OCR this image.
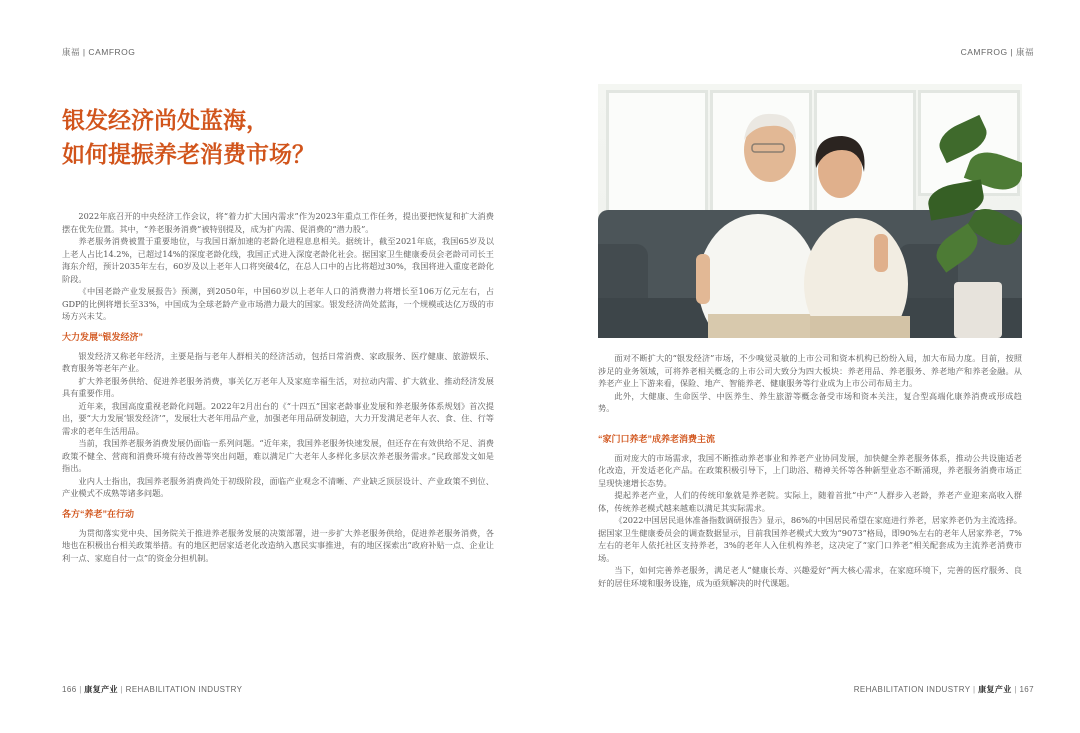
康福 | CAMFROG	CAMFROG | 康福
银发经济尚处蓝海，
如何提振养老消费市场？

2022年底召开的中央经济工作会议，将“着力扩大国内需求”作为2023年重点工作任务，提出要把恢复和扩大消费摆在优先位置。其中，“养老服务消费”被特别提及，成为扩内需、促消费的“潜力股”。

养老服务消费被置于重要地位，与我国日渐加速的老龄化进程息息相关。据统计，截至2021年底，我国65岁及以上老人占比14.2%，已超过14%的深度老龄化线，我国正式进入深度老龄化社会。据国家卫生健康委员会老龄司司长王海东介绍，预计2035年左右，60岁及以上老年人口将突破4亿，在总人口中的占比将超过30%，我国将进入重度老龄化阶段。

《中国老龄产业发展报告》预测，到2050年，中国60岁以上老年人口的消费潜力将增长至106万亿元左右，占GDP的比例将增长至33%，中国成为全球老龄产业市场潜力最大的国家。银发经济尚处蓝海，一个规模或达亿万级的市场方兴未艾。

大力发展“银发经济”

银发经济又称老年经济，主要是指与老年人群相关的经济活动，包括日常消费、家政服务、医疗健康、旅游娱乐、教育服务等老年产业。

扩大养老服务供给、促进养老服务消费，事关亿万老年人及家庭幸福生活，对拉动内需、扩大就业、推动经济发展具有重要作用。

近年来，我国高度重视老龄化问题。2022年2月出台的《“十四五”国家老龄事业发展和养老服务体系规划》首次提出，要“大力发展‘银发经济’”，发展壮大老年用品产业，加强老年用品研发制造，大力开发满足老年人衣、食、住、行等需求的老年生活用品。

当前，我国养老服务消费发展仍面临一系列问题。“近年来，我国养老服务快速发展，但还存在有效供给不足、消费政策不健全、营商和消费环境有待改善等突出问题，难以满足广大老年人多样化多层次养老服务需求。”民政部发文如是指出。

业内人士指出，我国养老服务消费尚处于初级阶段，面临产业观念不清晰、产业缺乏顶层设计、产业政策不到位、产业模式不成熟等诸多问题。

各方“养老”在行动

为贯彻落实党中央、国务院关于推进养老服务发展的决策部署，进一步扩大养老服务供给，促进养老服务消费，各地也在积极出台相关政策举措。有的地区把居家适老化改造纳入惠民实事推进，有的地区探索出“政府补贴一点、企业让利一点、家庭自付一点”的资金分担机制。

面对不断扩大的“银发经济”市场，不少嗅觉灵敏的上市公司和资本机构已纷纷入局，加大布局力度。目前，按照涉足的业务领域，可将养老相关概念的上市公司大致分为四大板块：养老用品、养老服务、养老地产和养老金融。从养老产业上下游来看，保险、地产、智能养老、健康服务等行业成为上市公司布局主力。

此外，大健康、生命医学、中医养生、养生旅游等概念备受市场和资本关注，复合型高端化康养消费或形成趋势。

“家门口养老”成养老消费主流

面对庞大的市场需求，我国不断推动养老事业和养老产业协同发展，加快健全养老服务体系，推动公共设施适老化改造，开发适老化产品。在政策积极引导下，上门助浴、精神关怀等各种新型业态不断涌现，养老服务消费市场正呈现快速增长态势。

提起养老产业，人们的传统印象就是养老院。实际上，随着首批“中产”人群步入老龄，养老产业迎来高收入群体，传统养老模式越来越难以满足其实际需求。

《2022中国居民退休准备指数调研报告》显示，86%的中国居民希望在家庭进行养老，居家养老仍为主流选择。据国家卫生健康委员会的调查数据显示，目前我国养老模式大致为“9073”格局，即90%左右的老年人居家养老，7%左右的老年人依托社区支持养老，3%的老年人入住机构养老，这决定了“家门口养老”相关配套成为主流养老消费市场。

当下，如何完善养老服务，满足老人“健康长寿、兴趣爱好”两大核心需求，在家庭环境下，完善的医疗服务、良好的居住环境和服务设施，成为亟须解决的时代课题。

166 | 康复产业 | REHABILITATION INDUSTRY	REHABILITATION INDUSTRY | 康复产业 | 167
